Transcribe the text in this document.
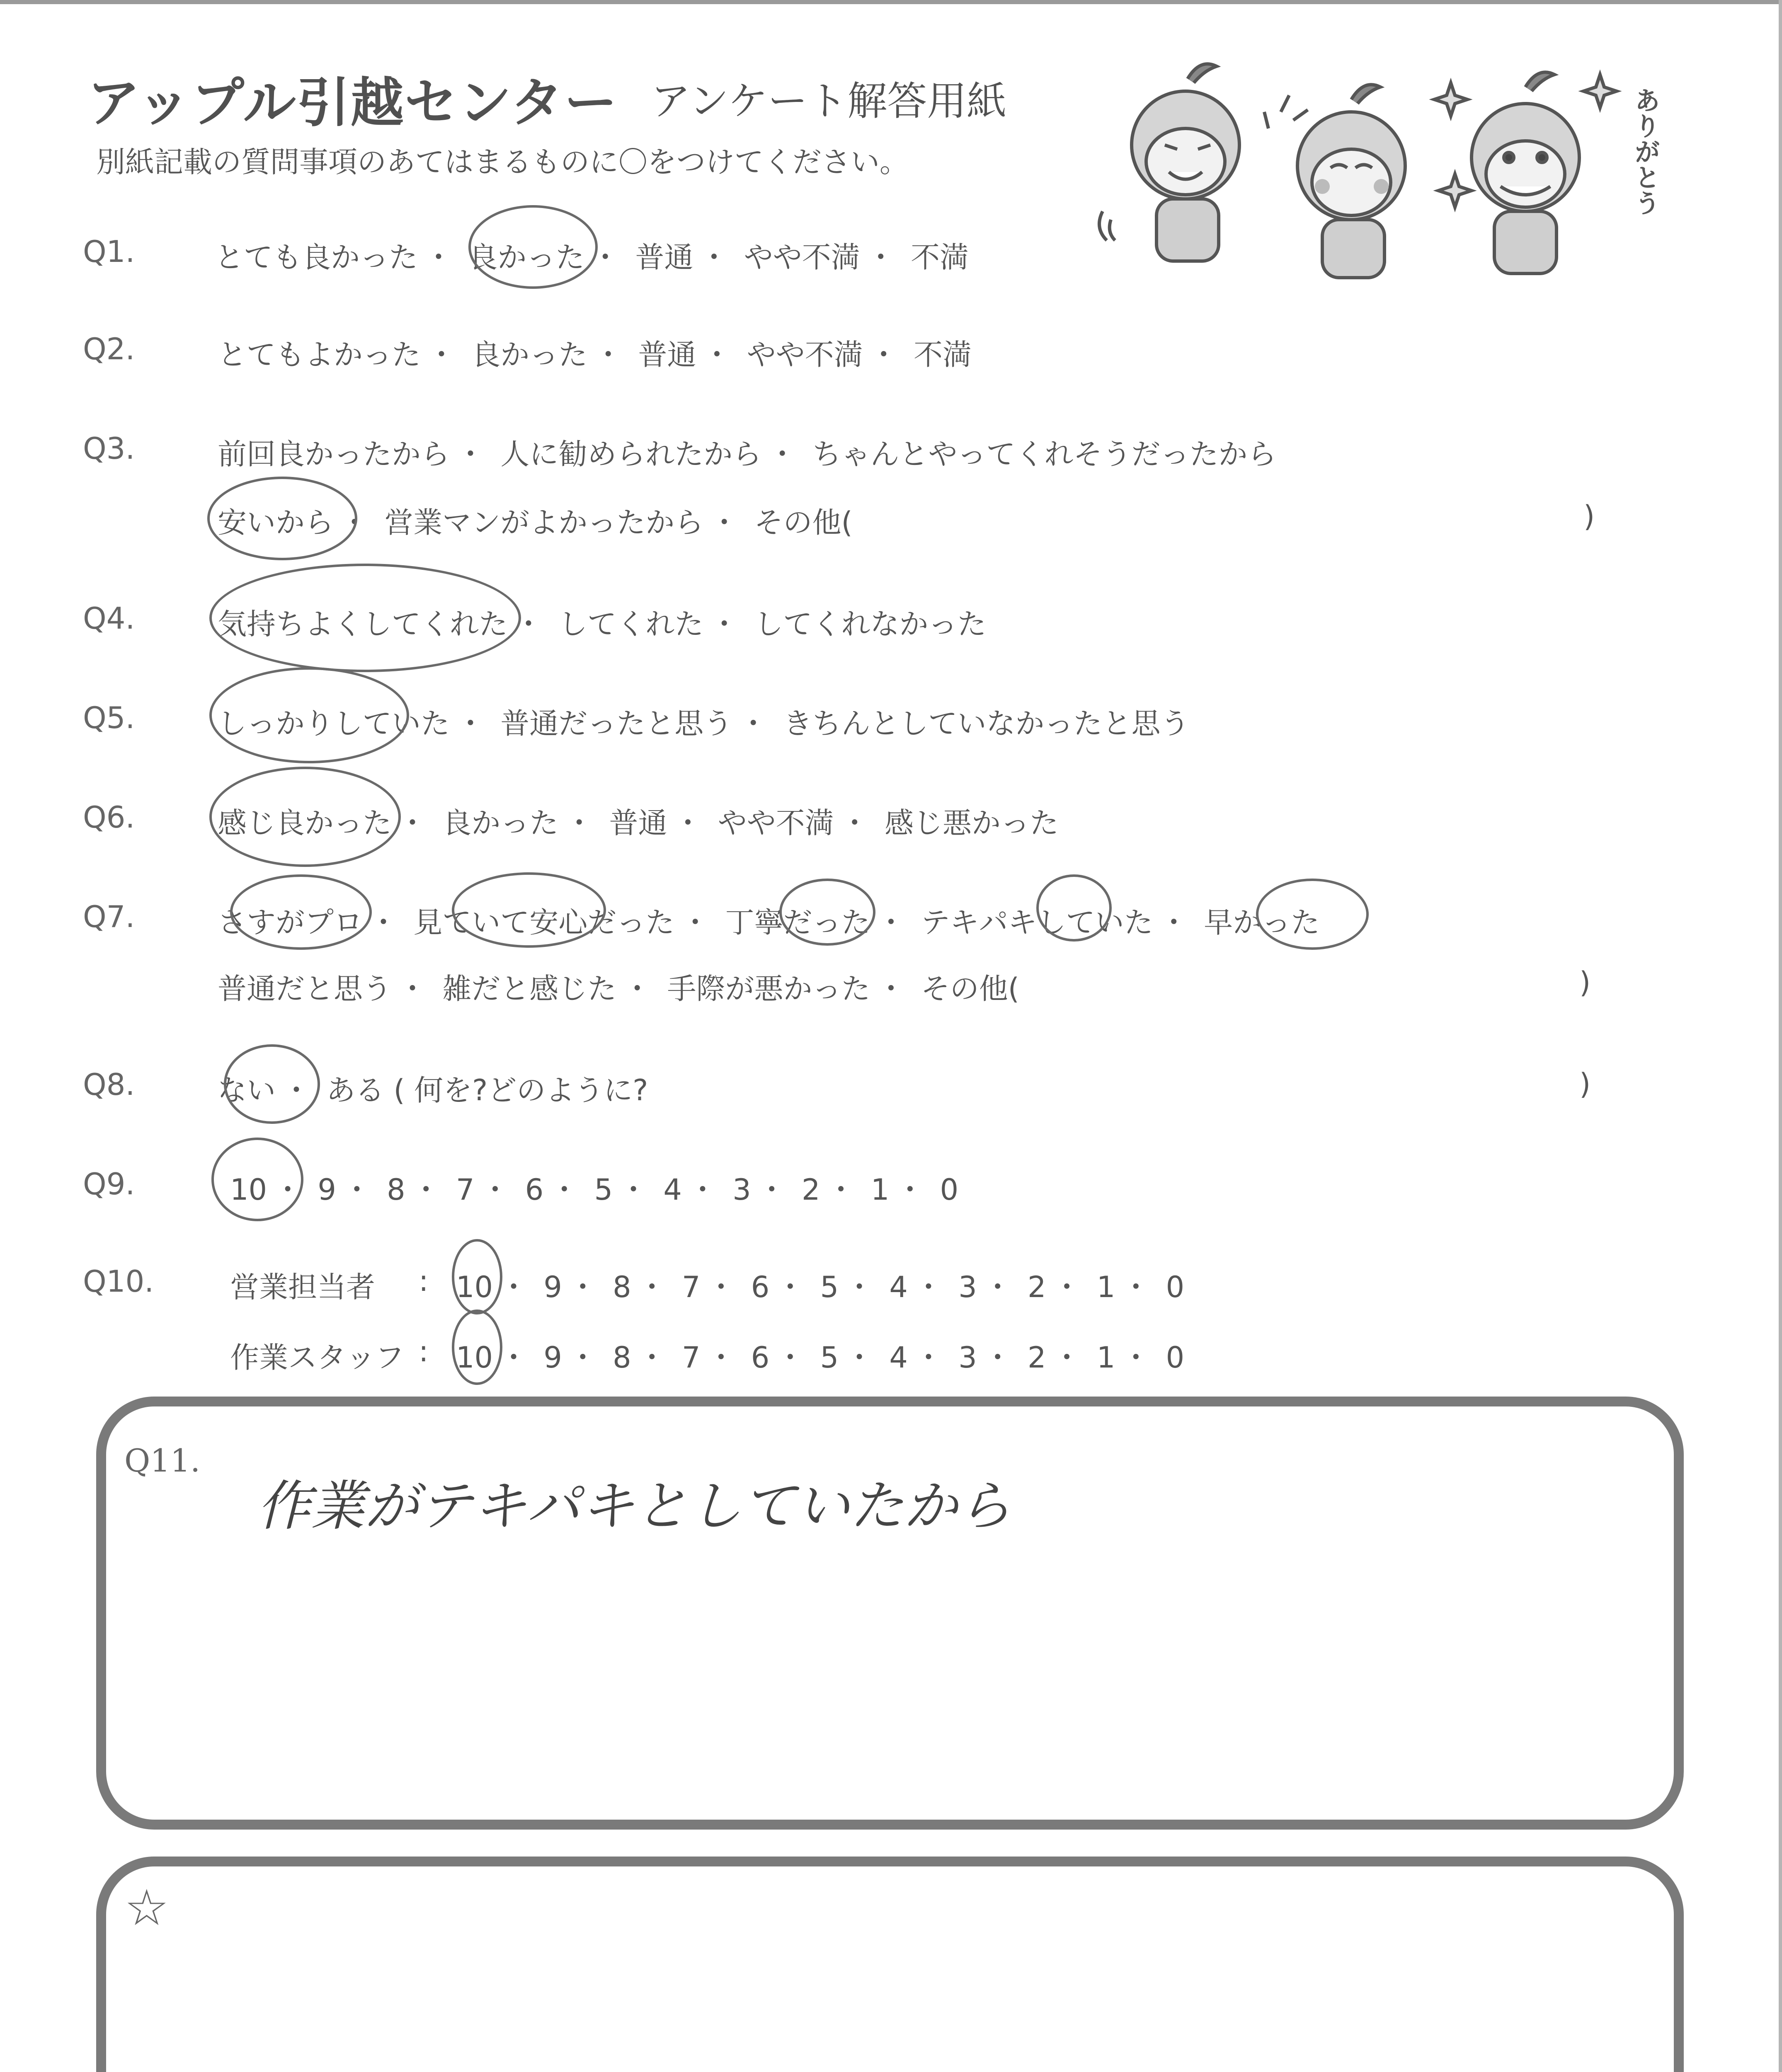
アップル引越センター アンケート解答用紙
別紙記載の質問事項のあてはまるものに〇をつけてください。	ありがとう
Q1.	とても良かった ・ 良かった ・ 普通 ・ やや不満 ・ 不満
Q2.	とてもよかった ・ 良かった ・ 普通 ・ やや不満 ・ 不満
Q3.	前回良かったから ・ 人に勧められたから ・ ちゃんとやってくれそうだったから
安いから ・ 営業マンがよかったから ・ その他(	)
Q4.	気持ちよくしてくれた ・ してくれた ・ してくれなかった
Q5.	しっかりしていた ・ 普通だったと思う ・ きちんとしていなかったと思う
Q6.	感じ良かった ・ 良かった ・ 普通 ・ やや不満 ・ 感じ悪かった
Q7.	さすがプロ ・ 見ていて安心だった ・ 丁寧だった ・ テキパキしていた ・ 早かった
普通だと思う ・ 雑だと感じた ・ 手際が悪かった ・ その他(	)
Q8.	ない ・ ある ( 何を?どのように?	)
Q9.	10 ・ 9 ・ 8 ・ 7 ・ 6 ・ 5 ・ 4 ・ 3 ・ 2 ・ 1 ・ 0
Q10.	営業担当者 : 10 ・ 9 ・ 8 ・ 7 ・ 6 ・ 5 ・ 4 ・ 3 ・ 2 ・ 1 ・ 0
作業スタッフ : 10 ・ 9 ・ 8 ・ 7 ・ 6 ・ 5 ・ 4 ・ 3 ・ 2 ・ 1 ・ 0
Q11.
作業がテキパキとしていたから
☆
